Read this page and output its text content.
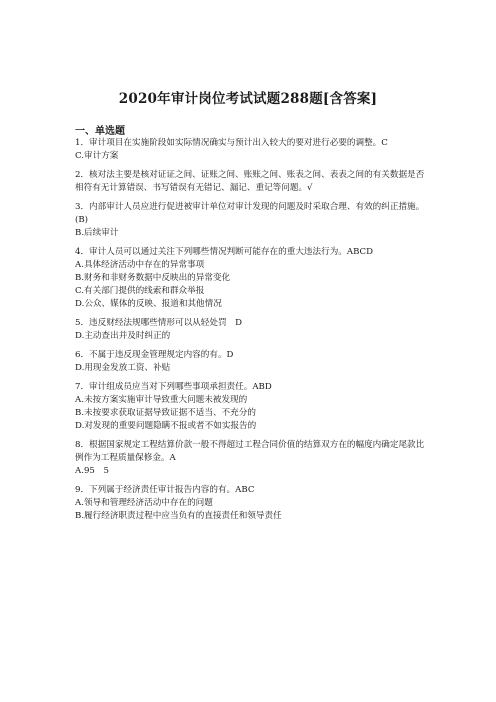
2020年审计岗位考试试题288题[含答案]
一、单选题
1．审计项目在实施阶段如实际情况确实与预计出入较大的要对进行必要的调整。C
C.审计方案
2．核对法主要是核对证证之间、证账之间、账账之间、账表之间、表表之间的有关数据是否相符有无计算错误、书写错误有无错记、漏记、重记等问题。√
3．内部审计人员应进行促进被审计单位对审计发现的问题及时采取合理、有效的纠正措施。(B)
B.后续审计
4．审计人员可以通过关注下列哪些情况判断可能存在的重大违法行为。ABCD
A.具体经济活动中存在的异常事项
B.财务和非财务数据中反映出的异常变化
C.有关部门提供的线索和群众举报
D.公众、媒体的反映、报道和其他情况
5．违反财经法规哪些情形可以从轻处罚　D
D.主动查出并及时纠正的
6．不属于违反现金管理规定内容的有。D
D.用现金发放工资、补贴
7．审计组成员应当对下列哪些事项承担责任。ABD
A.未按方案实施审计导致重大问题未被发现的
B.未按要求获取证据导致证据不适当、不充分的
D.对发现的重要问题隐瞒不报或者不如实报告的
8．根据国家规定工程结算价款一般不得超过工程合同价值的结算双方在的幅度内确定尾款比例作为工程质量保修金。A
A.95　5
9．下列属于经济责任审计报告内容的有。ABC
A.领导和管理经济活动中存在的问题
B.履行经济职责过程中应当负有的直接责任和领导责任
